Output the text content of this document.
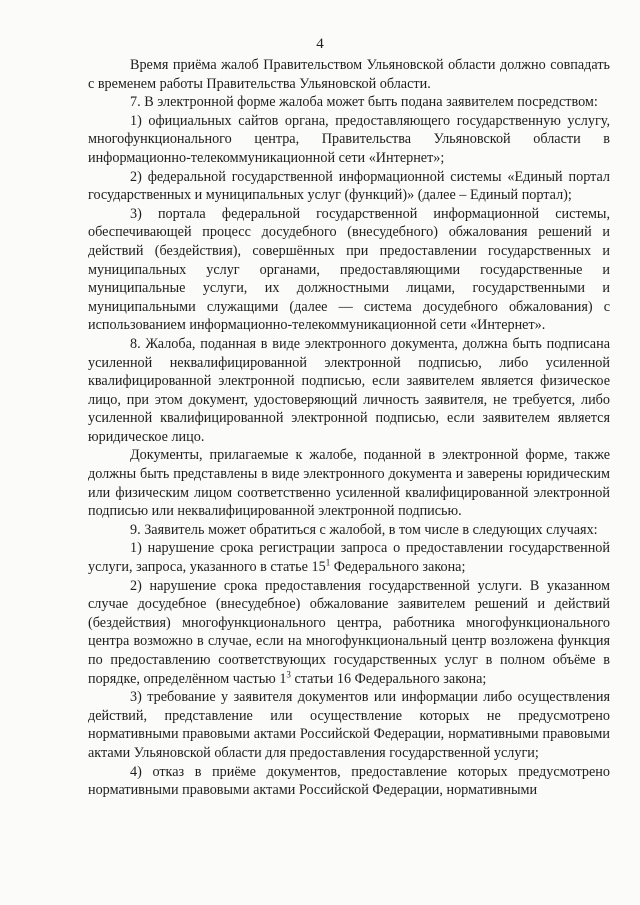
4

Время приёма жалоб Правительством Ульяновской области должно совпадать с временем работы Правительства Ульяновской области.

7. В электронной форме жалоба может быть подана заявителем посредством:

1) официальных сайтов органа, предоставляющего государственную услугу, многофункционального центра, Правительства Ульяновской области в информационно-телекоммуникационной сети «Интернет»;

2) федеральной государственной информационной системы «Единый портал государственных и муниципальных услуг (функций)» (далее – Единый портал);

3) портала федеральной государственной информационной системы, обеспечивающей процесс досудебного (внесудебного) обжалования решений и действий (бездействия), совершённых при предоставлении государственных и муниципальных услуг органами, предоставляющими государственные и муниципальные услуги, их должностными лицами, государственными и муниципальными служащими (далее — система досудебного обжалования) с использованием информационно-телекоммуникационной сети «Интернет».

8. Жалоба, поданная в виде электронного документа, должна быть подписана усиленной неквалифицированной электронной подписью, либо усиленной квалифицированной электронной подписью, если заявителем является физическое лицо, при этом документ, удостоверяющий личность заявителя, не требуется, либо усиленной квалифицированной электронной подписью, если заявителем является юридическое лицо.

Документы, прилагаемые к жалобе, поданной в электронной форме, также должны быть представлены в виде электронного документа и заверены юридическим или физическим лицом соответственно усиленной квалифицированной электронной подписью или неквалифицированной электронной подписью.

9. Заявитель может обратиться с жалобой, в том числе в следующих случаях:

1) нарушение срока регистрации запроса о предоставлении государственной услуги, запроса, указанного в статье $15^1$ Федерального закона;

2) нарушение срока предоставления государственной услуги. В указанном случае досудебное (внесудебное) обжалование заявителем решений и действий (бездействия) многофункционального центра, работника многофункционального центра возможно в случае, если на многофункциональный центр возложена функция по предоставлению соответствующих государственных услуг в полном объёме в порядке, определённом частью $1^3$ статьи 16 Федерального закона;

3) требование у заявителя документов или информации либо осуществления действий, представление или осуществление которых не предусмотрено нормативными правовыми актами Российской Федерации, нормативными правовыми актами Ульяновской области для предоставления государственной услуги;

4) отказ в приёме документов, предоставление которых предусмотрено нормативными правовыми актами Российской Федерации, нормативными
